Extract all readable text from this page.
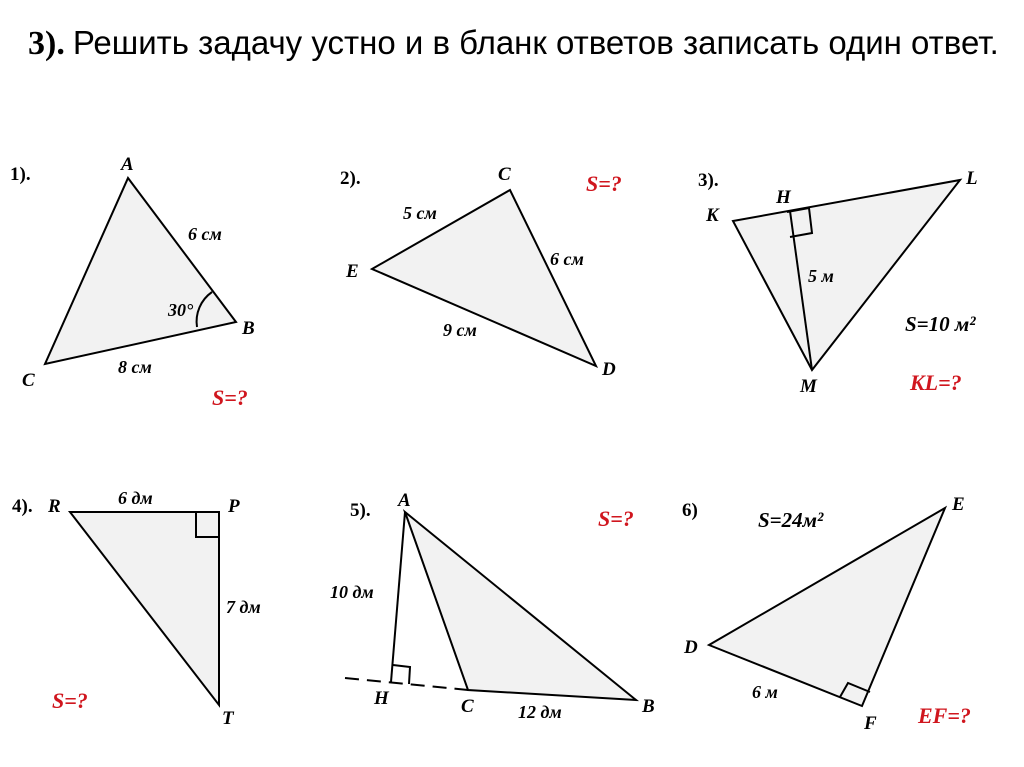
3). Решить задачу устно и в бланк ответов записать один ответ.
1).	A
B
C
6 см
8 см
30°
S=?
2).	C
E
D
5 см
6 см
9 см
S=?	3).
K
H
L
M
5 м
S=10 м²
KL=?
4). R	P
T
6 дм
7 дм
S=?
5). A
H	C	B
10 дм
12 дм
S=?	6)	E
D
F
6 м
S=24м²
EF=?
